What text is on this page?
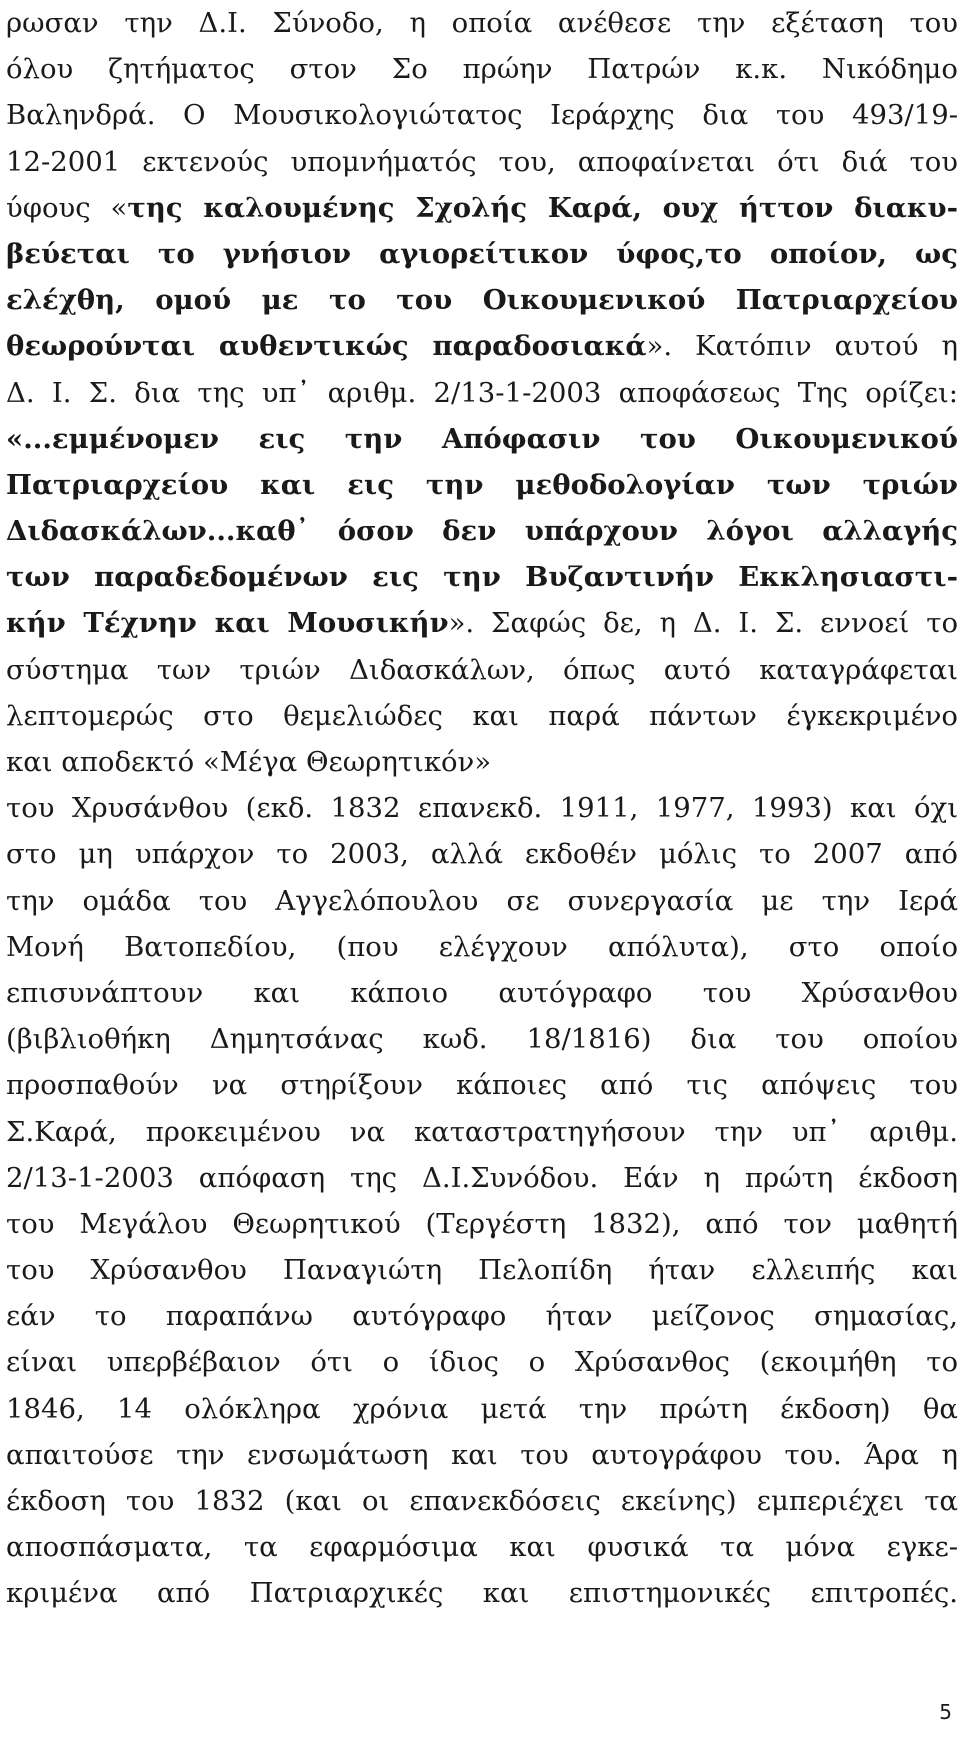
ρωσαν την Δ.Ι. Σύνοδο, η οποία ανέθεσε την εξέταση του
όλου ζητήματος στον Σο πρώην Πατρών κ.κ. Νικόδημο
Βαληνδρά. Ο Μουσικολογιώτατος Ιεράρχης δια του 493/19-
12-2001 εκτενούς υπομνήματός του, αποφαίνεται ότι διά του
ύφους «της καλουμένης Σχολής Καρά, ουχ ήττον διακυ-
βεύεται το γνήσιον αγιορείτικον ύφος,το οποίον, ως
ελέχθη, ομού με το του Οικουμενικού Πατριαρχείου
θεωρούνται αυθεντικώς παραδοσιακά». Κατόπιν αυτού η
Δ. Ι. Σ. δια της υπ᾿ αριθμ. 2/13-1-2003 αποφάσεως Της ορίζει:
«...εμμένομεν εις την Απόφασιν του Οικουμενικού
Πατριαρχείου και εις την μεθοδολογίαν των τριών
Διδασκάλων...καθ᾿ όσον δεν υπάρχουν λόγοι αλλαγής
των παραδεδομένων εις την Βυζαντινήν Εκκλησιαστι-
κήν Τέχνην και Μουσικήν». Σαφώς δε, η Δ. Ι. Σ. εννοεί το
σύστημα των τριών Διδασκάλων, όπως αυτό καταγράφεται
λεπτομερώς στο θεμελιώδες και παρά πάντων έγκεκριμένο
και αποδεκτό «Μέγα Θεωρητικόν»
του Χρυσάνθου (εκδ. 1832 επανεκδ. 1911, 1977, 1993) και όχι
στο μη υπάρχον το 2003, αλλά εκδοθέν μόλις το 2007 από
την ομάδα του Αγγελόπουλου σε συνεργασία με την Ιερά
Μονή Βατοπεδίου, (που ελέγχουν απόλυτα), στο οποίο
επισυνάπτουν και κάποιο αυτόγραφο του Χρύσανθου
(βιβλιοθήκη Δημητσάνας κωδ. 18/1816) δια του οποίου
προσπαθούν να στηρίξουν κάποιες από τις απόψεις του
Σ.Καρά, προκειμένου να καταστρατηγήσουν την υπ᾿ αριθμ.
2/13-1-2003 απόφαση της Δ.Ι.Συνόδου. Εάν η πρώτη έκδοση
του Μεγάλου Θεωρητικού (Τεργέστη 1832), από τον μαθητή
του Χρύσανθου Παναγιώτη Πελοπίδη ήταν ελλειπής και
εάν το παραπάνω αυτόγραφο ήταν μείζονος σημασίας,
είναι υπερβέβαιον ότι ο ίδιος ο Χρύσανθος (εκοιμήθη το
1846, 14 ολόκληρα χρόνια μετά την πρώτη έκδοση) θα
απαιτούσε την ενσωμάτωση και του αυτογράφου του. Άρα η
έκδοση του 1832 (και οι επανεκδόσεις εκείνης) εμπεριέχει τα
αποσπάσματα, τα εφαρμόσιμα και φυσικά τα μόνα εγκε-
κριμένα από Πατριαρχικές και επιστημονικές επιτροπές.
5
